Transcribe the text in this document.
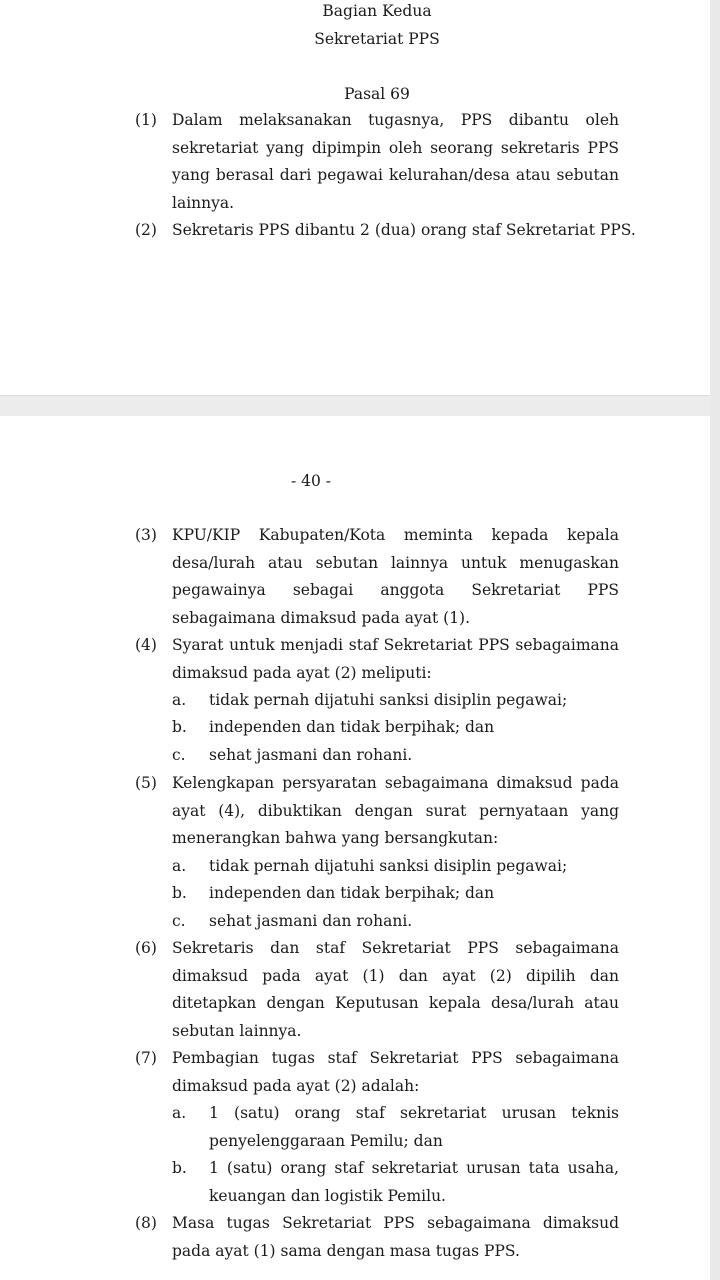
Bagian Kedua
Sekretariat PPS
Pasal 69
(1) Dalam melaksanakan tugasnya, PPS dibantu oleh sekretariat yang dipimpin oleh seorang sekretaris PPS yang berasal dari pegawai kelurahan/desa atau sebutan lainnya.
(2) Sekretaris PPS dibantu 2 (dua) orang staf Sekretariat PPS.
- 40 -
(3) KPU/KIP Kabupaten/Kota meminta kepada kepala desa/lurah atau sebutan lainnya untuk menugaskan pegawainya sebagai anggota Sekretariat PPS sebagaimana dimaksud pada ayat (1).
(4) Syarat untuk menjadi staf Sekretariat PPS sebagaimana dimaksud pada ayat (2) meliputi:
a. tidak pernah dijatuhi sanksi disiplin pegawai;
b. independen dan tidak berpihak; dan
c. sehat jasmani dan rohani.
(5) Kelengkapan persyaratan sebagaimana dimaksud pada ayat (4), dibuktikan dengan surat pernyataan yang menerangkan bahwa yang bersangkutan:
a. tidak pernah dijatuhi sanksi disiplin pegawai;
b. independen dan tidak berpihak; dan
c. sehat jasmani dan rohani.
(6) Sekretaris dan staf Sekretariat PPS sebagaimana dimaksud pada ayat (1) dan ayat (2) dipilih dan ditetapkan dengan Keputusan kepala desa/lurah atau sebutan lainnya.
(7) Pembagian tugas staf Sekretariat PPS sebagaimana dimaksud pada ayat (2) adalah:
a. 1 (satu) orang staf sekretariat urusan teknis penyelenggaraan Pemilu; dan
b. 1 (satu) orang staf sekretariat urusan tata usaha, keuangan dan logistik Pemilu.
(8) Masa tugas Sekretariat PPS sebagaimana dimaksud pada ayat (1) sama dengan masa tugas PPS.
